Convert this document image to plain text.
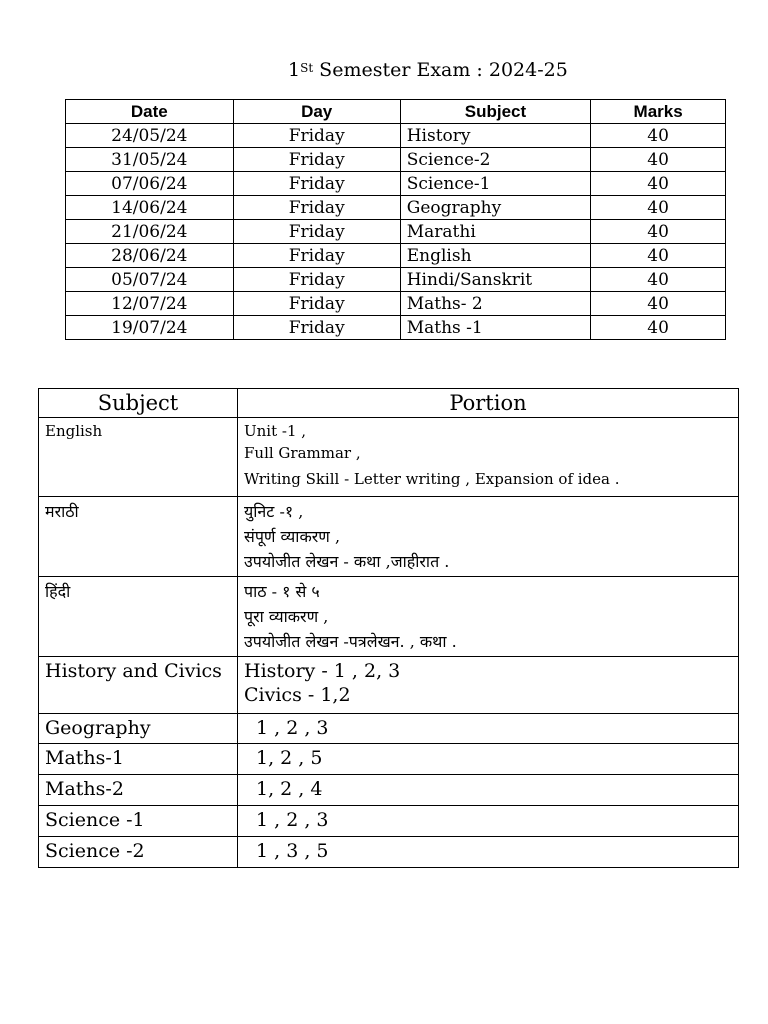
1St Semester Exam : 2024-25
Date	Day	Subject	Marks
24/05/24	Friday	History	40
31/05/24	Friday	Science-2	40
07/06/24	Friday	Science-1	40
14/06/24	Friday	Geography	40
21/06/24	Friday	Marathi	40
28/06/24	Friday	English	40
05/07/24	Friday	Hindi/Sanskrit	40
12/07/24	Friday	Maths- 2	40
19/07/24	Friday	Maths -1	40
Subject	Portion
English	Unit -1 ,
Full Grammar ,
Writing Skill - Letter writing , Expansion of idea .

मराठी	युनिट -१ ,
संपूर्ण व्याकरण ,
उपयोजीत लेखन - कथा ,जाहीरात .

हिंदी	पाठ - १ से ५
पूरा व्याकरण ,
उपयोजीत लेखन -पत्रलेखन. , कथा .

History and Civics	History - 1 , 2, 3
Civics - 1,2

Geography	1 , 2 , 3

Maths-1	1, 2 , 5

Maths-2	1, 2 , 4

Science -1	1 , 2 , 3

Science -2	1 , 3 , 5
